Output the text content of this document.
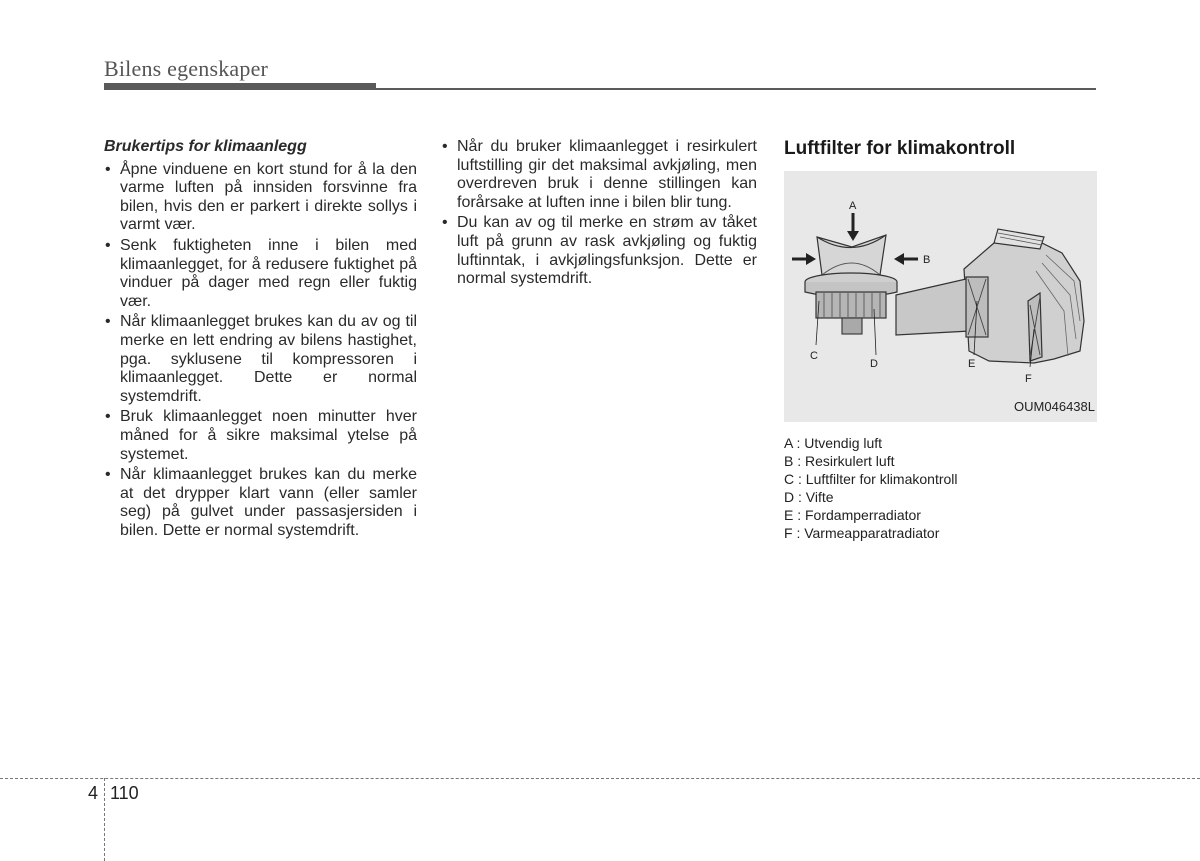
Bilens egenskaper
Brukertips for klimaanlegg
• Åpne vinduene en kort stund for å la den varme luften på innsiden forsvinne fra bilen, hvis den er parkert i direkte sollys i varmt vær.
• Senk fuktigheten inne i bilen med klimaanlegget, for å redusere fuktighet på vinduer på dager med regn eller fuktig vær.
• Når klimaanlegget brukes kan du av og til merke en lett endring av bilens hastighet, pga. syklusene til kompressoren i klimaanlegget. Dette er normal systemdrift.
• Bruk klimaanlegget noen minutter hver måned for å sikre maksimal ytelse på systemet.
• Når klimaanlegget brukes kan du merke at det drypper klart vann (eller samler seg) på gulvet under passasjersiden i bilen. Dette er normal systemdrift.
• Når du bruker klimaanlegget i resirkulert luftstilling gir det maksimal avkjøling, men overdreven bruk i denne stillingen kan forårsake at luften inne i bilen blir tung.
• Du kan av og til merke en strøm av tåket luft på grunn av rask avkjøling og fuktig luftinntak, i avkjølingsfunksjon. Dette er normal systemdrift.
Luftfilter for klimakontroll
A
B
C
D	E
F
OUM046438L
A : Utvendig luft
B : Resirkulert luft
C : Luftfilter for klimakontroll
D : Vifte
E : Fordamperradiator
F : Varmeapparatradiator
4 110
